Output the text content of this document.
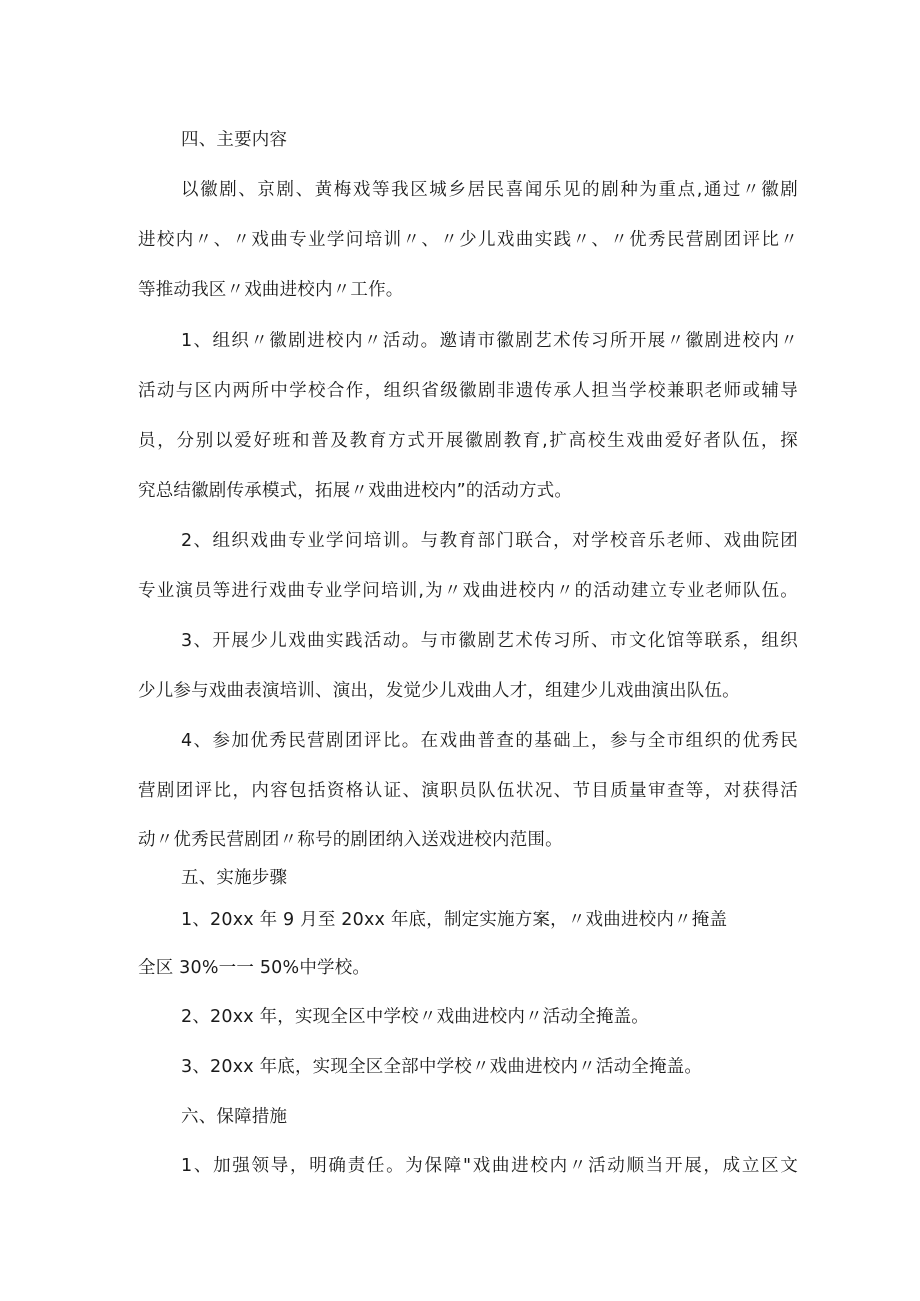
四、主要内容
以徽剧、京剧、黄梅戏等我区城乡居民喜闻乐见的剧种为重点,通过〃徽剧
进校内〃、〃戏曲专业学问培训〃、〃少儿戏曲实践〃、〃优秀民营剧团评比〃
等推动我区〃戏曲进校内〃工作。
1、组织〃徽剧进校内〃活动。邀请市徽剧艺术传习所开展〃徽剧进校内〃
活动与区内两所中学校合作，组织省级徽剧非遗传承人担当学校兼职老师或辅导
员，分别以爱好班和普及教育方式开展徽剧教育,扩高校生戏曲爱好者队伍，探
究总结徽剧传承模式，拓展〃戏曲进校内”的活动方式。
2、组织戏曲专业学问培训。与教育部门联合，对学校音乐老师、戏曲院团
专业演员等进行戏曲专业学问培训,为〃戏曲进校内〃的活动建立专业老师队伍。
3、开展少儿戏曲实践活动。与市徽剧艺术传习所、市文化馆等联系，组织
少儿参与戏曲表演培训、演出，发觉少儿戏曲人才，组建少儿戏曲演出队伍。
4、参加优秀民营剧团评比。在戏曲普查的基础上，参与全市组织的优秀民
营剧团评比，内容包括资格认证、演职员队伍状况、节目质量审查等，对获得活
动〃优秀民营剧团〃称号的剧团纳入送戏进校内范围。
五、实施步骤
1、20xx 年 9 月至 20xx 年底，制定实施方案，〃戏曲进校内〃掩盖
全区 30%一一 50%中学校。
2、20xx 年，实现全区中学校〃戏曲进校内〃活动全掩盖。
3、20xx 年底，实现全区全部中学校〃戏曲进校内〃活动全掩盖。
六、保障措施
1、加强领导，明确责任。为保障"戏曲进校内〃活动顺当开展，成立区文
